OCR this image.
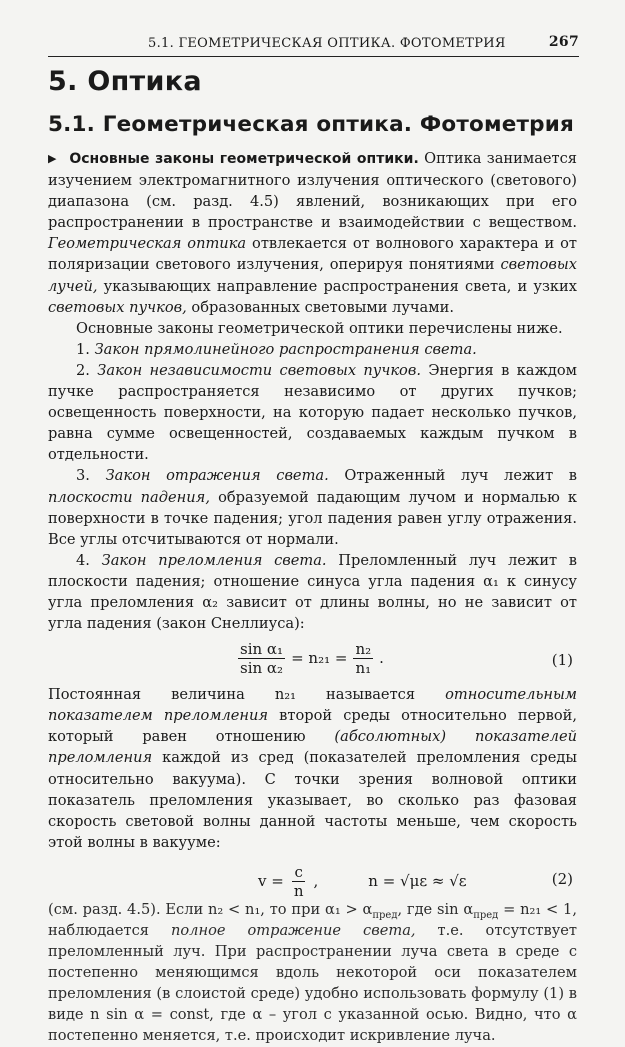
5.1. ГЕОМЕТРИЧЕСКАЯ ОПТИКА. ФОТОМЕТРИЯ	267
5. Оптика
5.1. Геометрическая оптика. Фотометрия

▶ Основные законы геометрической оптики. Оптика занимается изучением электромагнитного излучения оптического (светового) диапазона (см. разд. 4.5) явлений, возникающих при его распространении в пространстве и взаимодействии с веществом. Геометрическая оптика отвлекается от волнового характера и от поляризации светового излучения, оперируя понятиями световых лучей, указывающих направление распространения света, и узких световых пучков, образованных световыми лучами.

Основные законы геометрической оптики перечислены ниже.

1. Закон прямолинейного распространения света.

2. Закон независимости световых пучков. Энергия в каждом пучке распространяется независимо от других пучков; освещенность поверхности, на которую падает несколько пучков, равна сумме освещенностей, создаваемых каждым пучком в отдельности.

3. Закон отражения света. Отраженный луч лежит в плоскости падения, образуемой падающим лучом и нормалью к поверхности в точке падения; угол падения равен углу отражения. Все углы отсчитываются от нормали.

4. Закон преломления света. Преломленный луч лежит в плоскости падения; отношение синуса угла падения α₁ к синусу угла преломления α₂ зависит от длины волны, но не зависит от угла падения (закон Снеллиуса):

$\frac{\text{sin α₁}}{\text{sin α₂}} = n_{21} = \frac{\text{n₂}}{\text{n₁}}$ .	(1)

Постоянная величина n₂₁ называется относительным показателем преломления второй среды относительно первой, который равен отношению (абсолютных) показателей преломления каждой из сред (показателей преломления среды относительно вакуума). С точки зрения волновой оптики показатель преломления указывает, во сколько раз фазовая скорость световой волны данной частоты меньше, чем скорость этой волны в вакууме:

$v = \frac{c}{n}$ ,	n = √με ≈ √ε	(2)

(см. разд. 4.5). Если n₂ < n₁, то при $\alpha_1 > \alpha_{пред}$, где $\sin \alpha_{пред} = n_{21} < 1$, наблюдается полное отражение света, т.е. отсутствует преломленный луч. При распространении луча света в среде с постепенно меняющимся вдоль некоторой оси показателем преломления (в слоистой среде) удобно использовать формулу (1) в виде n sin α = const, где α – угол с указанной осью. Видно, что α постепенно меняется, т.е. происходит искривление луча.
